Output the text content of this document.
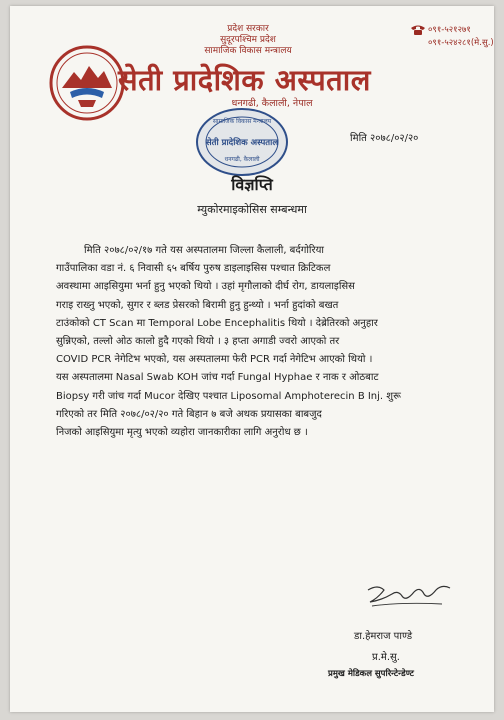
प्रदेश सरकार
सुदूरपश्चिम प्रदेश
सामाजिक विकास मन्त्रालय
०९१-५२१२७१
०९१-५२४२८१(मे.सु.)
सेती प्रादेशिक अस्पताल
धनगढी, कैलाली, नेपाल
सामाजिक विकास मन्त्रालय
सेती प्रादेशिक अस्पताल
धनगढी, कैलाली
मिति २०७८/०२/२०
विज्ञप्ति
म्युकोरमाइकोसिस सम्बन्धमा
मिति २०७८/०२/१७ गते यस अस्पतालमा जिल्ला कैलाली, बर्दगोरिया
गाउँपालिका वडा नं. ६ निवासी ६५ बर्षिय पुरुष डाइलाइसिस पश्चात क्रिटिकल
अवस्थामा आइसियुमा भर्ना हुनु भएको थियो । उहां मृगौलाको दीर्घ रोग, डायलाइसिस
गराइ राख्नु भएको, सुगर र ब्लड प्रेसरको बिरामी हुनु हुन्थ्यो । भर्ना हुदांको बखत
टाउंकोको CT Scan मा Temporal Lobe Encephalitis थियो । देब्रेतिरको अनुहार
सुन्निएको, तल्लो ओठ कालो हुदै गएको थियो । ३ हप्ता अगाडी ज्वरो आएको तर
COVID PCR नेगेटिभ भएको, यस अस्पतालमा फेरी PCR गर्दा नेगेटिभ आएको थियो ।
यस अस्पतालमा Nasal Swab KOH जांच गर्दा Fungal Hyphae र नाक र ओठबाट
Biopsy गरी जांच गर्दा Mucor देखिए पश्चात Liposomal Amphoterecin B Inj. शुरू
गरिएको तर मिति २०७८/०२/२० गते बिहान ७ बजे अथक प्रयासका बाबजुद
निजको आइसियुमा मृत्यु भएको व्यहोरा जानकारीका लागि अनुरोध छ ।
डा.हेमराज पाण्डे
प्र.मे.सु.
प्रमुख मेडिकल सुपरिन्टेन्डेण्ट
